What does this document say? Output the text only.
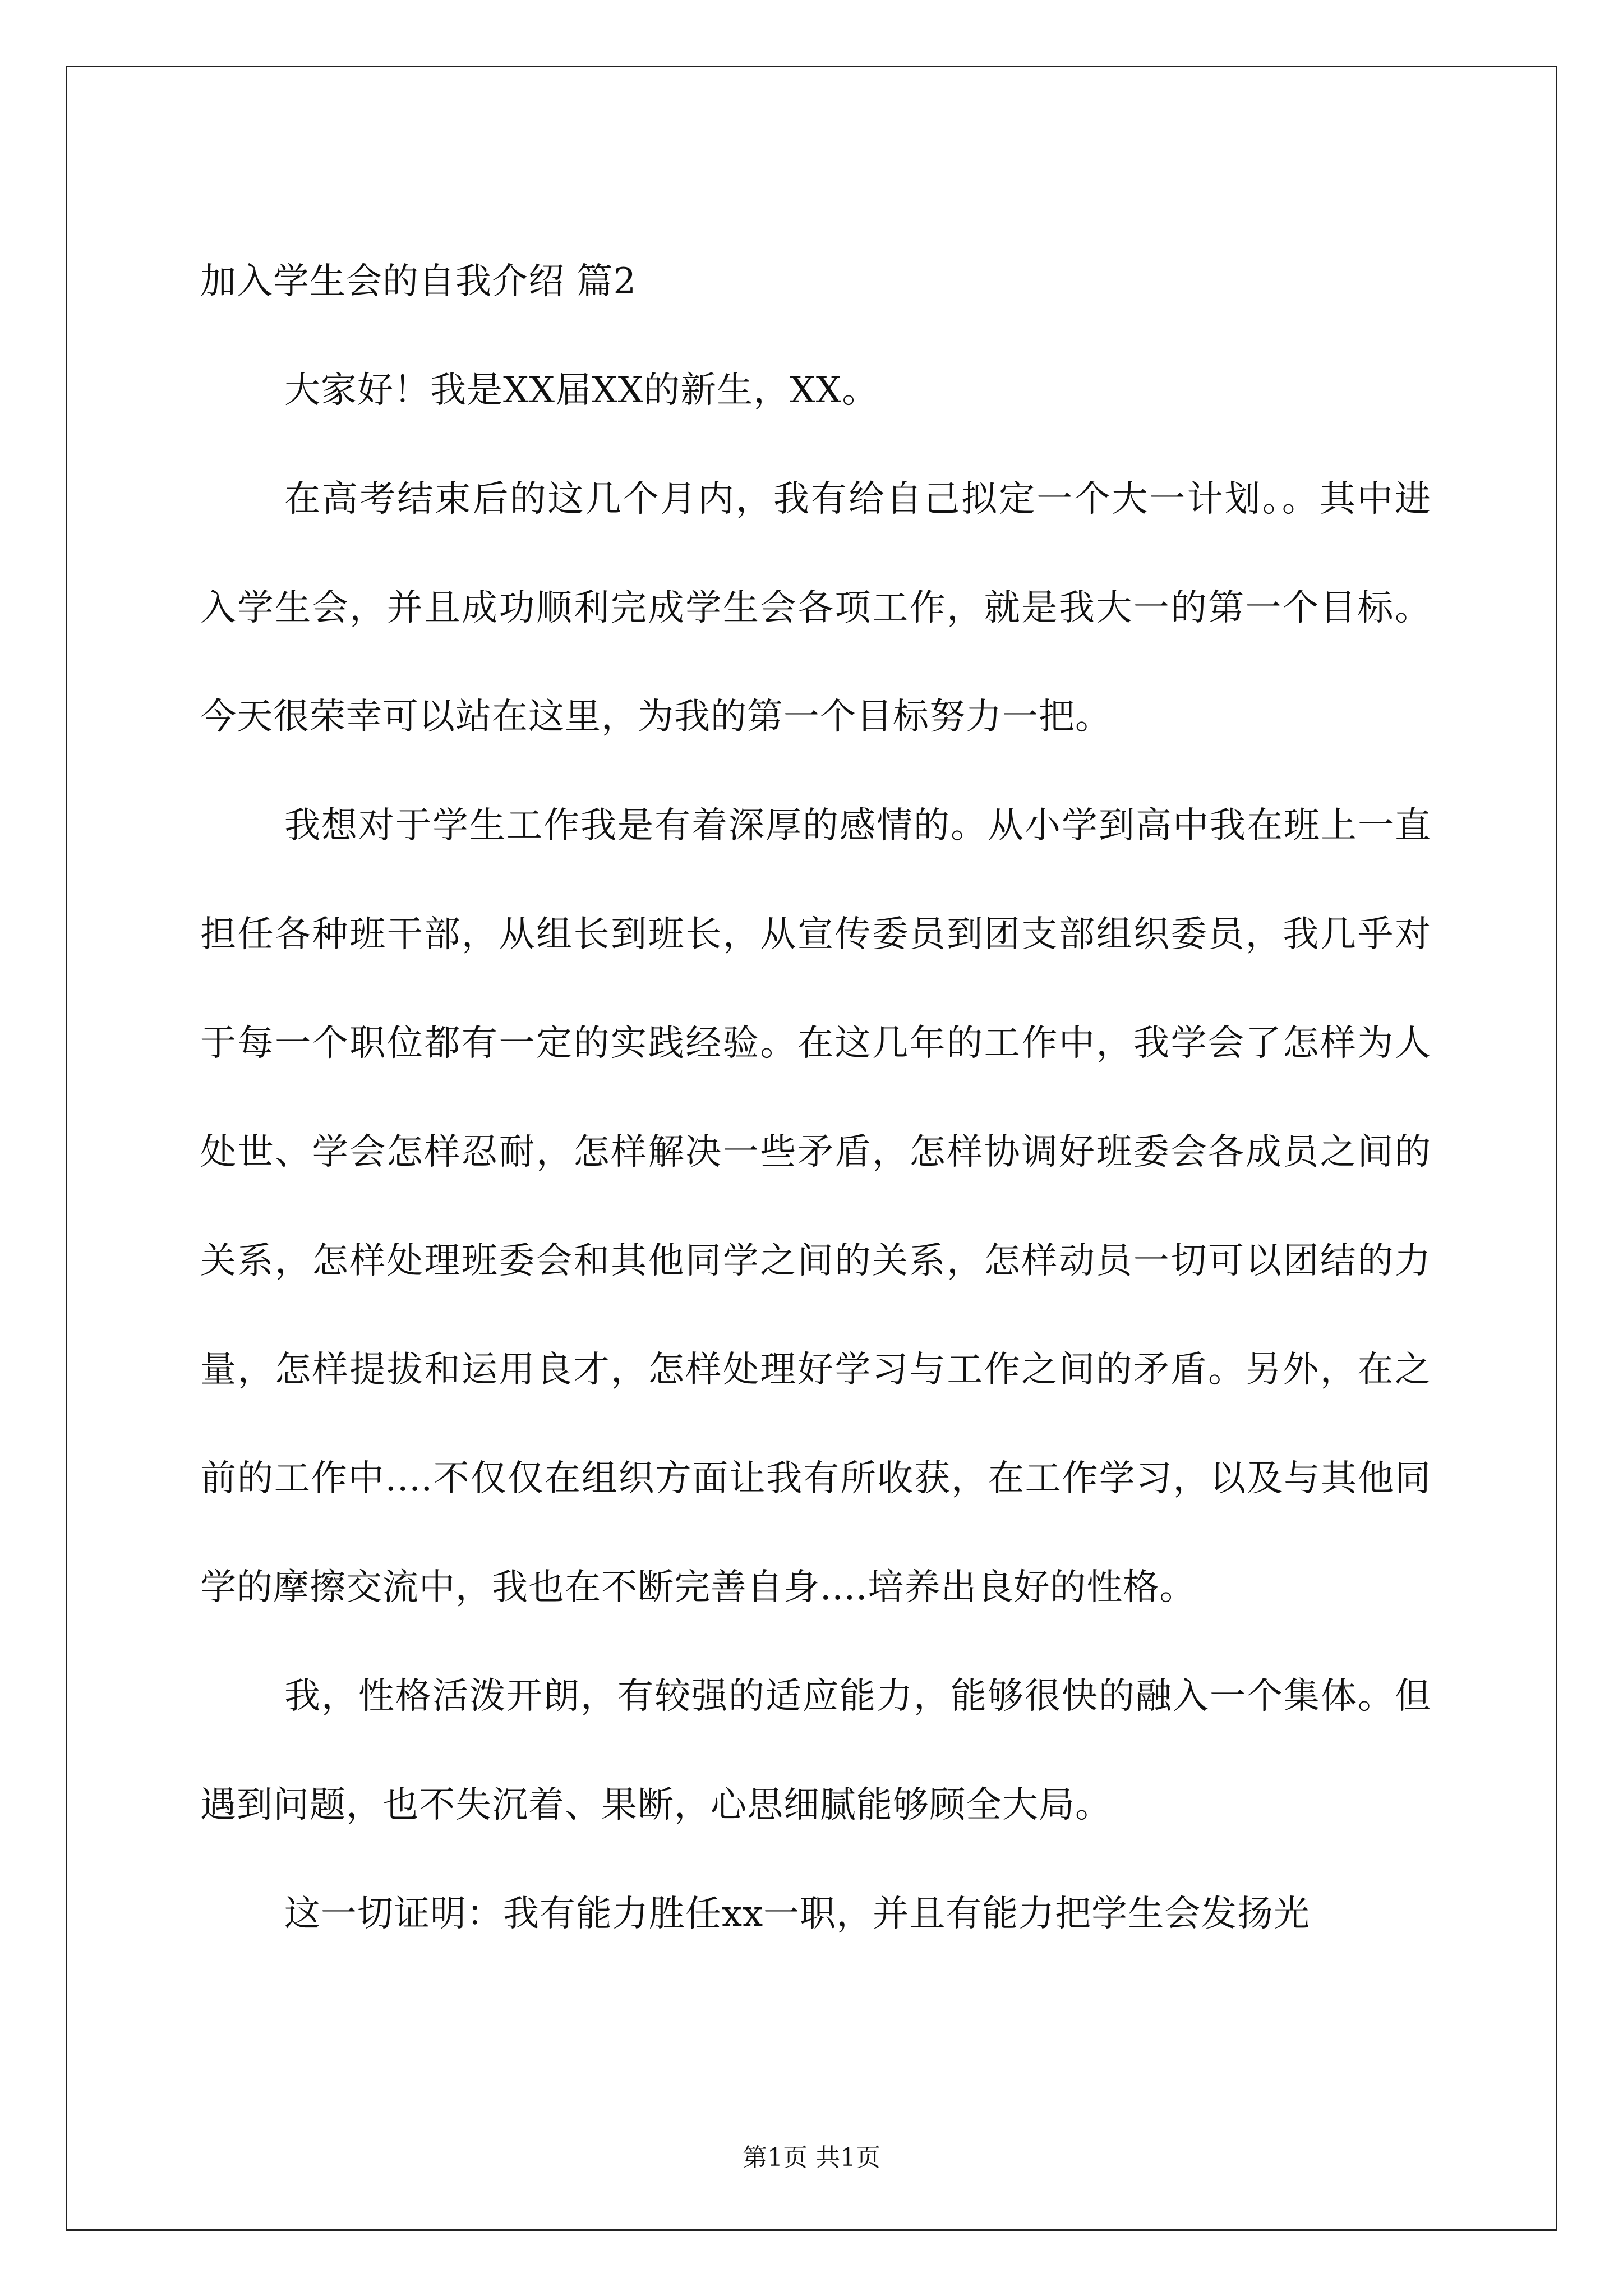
加入学生会的自我介绍 篇2

大家好！我是XX届XX的新生，XX。

在高考结束后的这几个月内，我有给自己拟定一个大一计划。。其中进入学生会，并且成功顺利完成学生会各项工作，就是我大一的第一个目标。今天很荣幸可以站在这里，为我的第一个目标努力一把。

我想对于学生工作我是有着深厚的感情的。从小学到高中我在班上一直担任各种班干部，从组长到班长，从宣传委员到团支部组织委员，我几乎对于每一个职位都有一定的实践经验。在这几年的工作中，我学会了怎样为人处世、学会怎样忍耐，怎样解决一些矛盾，怎样协调好班委会各成员之间的关系，怎样处理班委会和其他同学之间的关系，怎样动员一切可以团结的力量，怎样提拔和运用良才，怎样处理好学习与工作之间的矛盾。另外，在之前的工作中....不仅仅在组织方面让我有所收获，在工作学习，以及与其他同学的摩擦交流中，我也在不断完善自身....培养出良好的性格。

我，性格活泼开朗，有较强的适应能力，能够很快的融入一个集体。但遇到问题，也不失沉着、果断，心思细腻能够顾全大局。

这一切证明：我有能力胜任xx一职，并且有能力把学生会发扬光

第1页 共1页
